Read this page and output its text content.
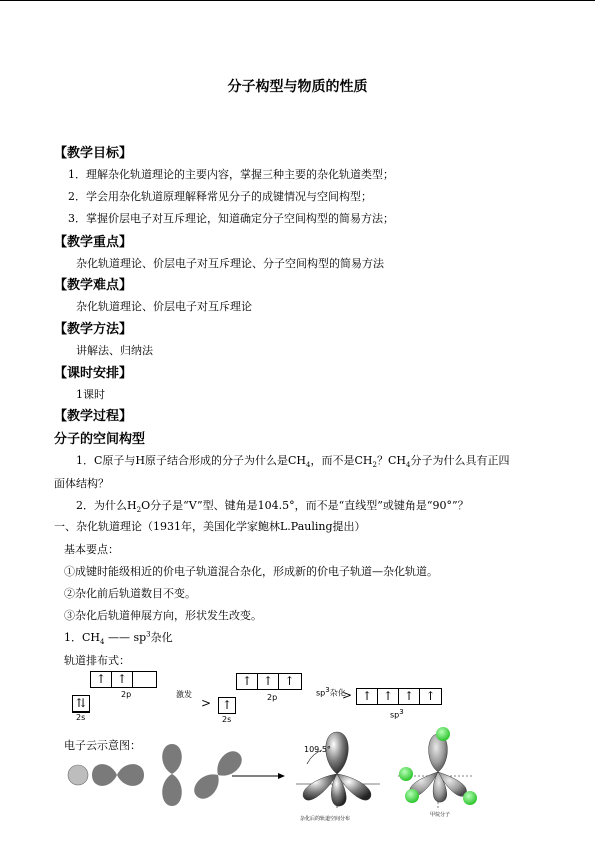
分子构型与物质的性质
【教学目标】
1．理解杂化轨道理论的主要内容，掌握三种主要的杂化轨道类型；
2．学会用杂化轨道原理解释常见分子的成键情况与空间构型；
3．掌握价层电子对互斥理论，知道确定分子空间构型的简易方法；
【教学重点】
杂化轨道理论、价层电子对互斥理论、分子空间构型的简易方法
【教学难点】
杂化轨道理论、价层电子对互斥理论
【教学方法】
讲解法、归纳法
【课时安排】
1课时
【教学过程】
分子的空间构型
1．C原子与H原子结合形成的分子为什么是$CH_4$，而不是$CH_2$？$CH_4$分子为什么具有正四
面体结构？
2．为什么$H_2O$分子是“V”型、键角是104.5°，而不是“直线型”或键角是“90°”？
一、杂化轨道理论（1931年，美国化学家鲍林L.Pauling提出）
基本要点：
①成键时能级相近的价电子轨道混合杂化，形成新的价电子轨道—杂化轨道。
②杂化前后轨道数目不变。
③杂化后轨道伸展方向，形状发生改变。
1．$CH_4$ —— $sp^3$杂化
轨道排布式：
↑ ↑
2p
⇅
2s
激发
>
↑ ↑ ↑
2p
↑
2s
$sp^3$杂化
> ↑ ↑ ↑ ↑
$sp^3$
电子云示意图：	109.5°
杂化后的轨道空间分布
甲烷分子
